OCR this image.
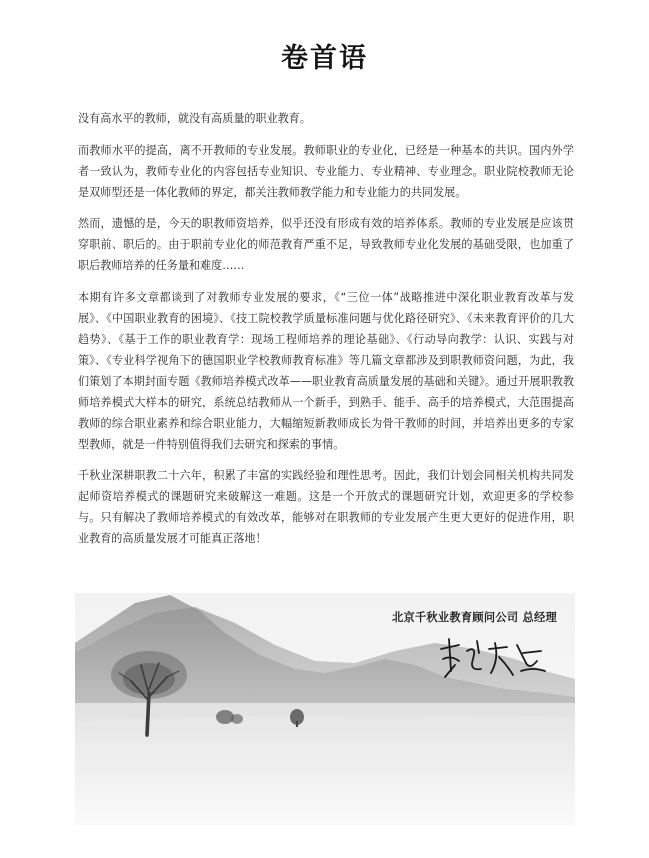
卷首语

没有高水平的教师，就没有高质量的职业教育。

而教师水平的提高，离不开教师的专业发展。教师职业的专业化，已经是一种基本的共识。国内外学者一致认为，教师专业化的内容包括专业知识、专业能力、专业精神、专业理念。职业院校教师无论是双师型还是一体化教师的界定，都关注教师教学能力和专业能力的共同发展。

然而，遗憾的是，今天的职教师资培养，似乎还没有形成有效的培养体系。教师的专业发展是应该贯穿职前、职后的。由于职前专业化的师范教育严重不足，导致教师专业化发展的基础受限，也加重了职后教师培养的任务量和难度……

本期有许多文章都谈到了对教师专业发展的要求，《“三位一体”战略推进中深化职业教育改革与发展》、《中国职业教育的困境》、《技工院校教学质量标准问题与优化路径研究》、《未来教育评价的几大趋势》、《基于工作的职业教育学：现场工程师培养的理论基础》、《行动导向教学：认识、实践与对策》、《专业科学视角下的德国职业学校教师教育标准》等几篇文章都涉及到职教师资问题，为此，我们策划了本期封面专题《教师培养模式改革——职业教育高质量发展的基础和关键》。通过开展职教教师培养模式大样本的研究，系统总结教师从一个新手，到熟手、能手、高手的培养模式，大范围提高教师的综合职业素养和综合职业能力，大幅缩短新教师成长为骨干教师的时间，并培养出更多的专家型教师，就是一件特别值得我们去研究和探索的事情。

千秋业深耕职教二十六年，积累了丰富的实践经验和理性思考。因此，我们计划会同相关机构共同发起师资培养模式的课题研究来破解这一难题。这是一个开放式的课题研究计划，欢迎更多的学校参与。只有解决了教师培养模式的有效改革，能够对在职教师的专业发展产生更大更好的促进作用，职业教育的高质量发展才可能真正落地！

北京千秋业教育顾问公司 总经理
